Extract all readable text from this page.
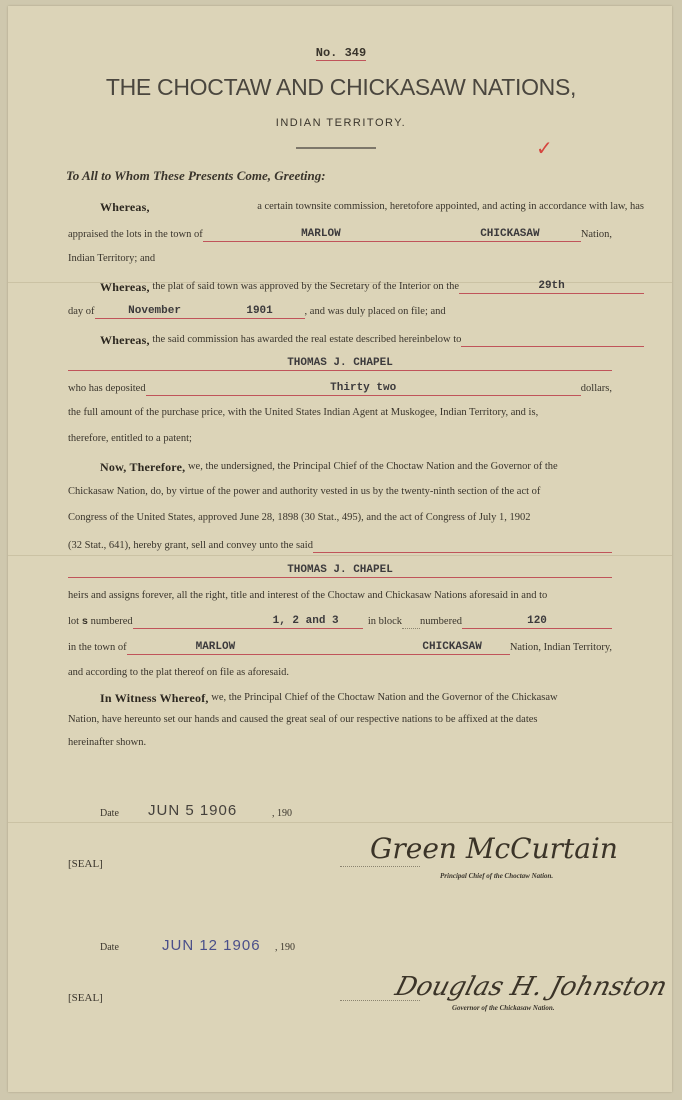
No. 349
THE CHOCTAW AND CHICKASAW NATIONS,
INDIAN TERRITORY.
✓
To All to Whom These Presents Come, Greeting:
Whereas,
	a certain townsite commission, heretofore appointed, and acting in accordance with law, has
appraised the lots in the town of	MARLOW	CHICKASAW	Nation,
Indian Territory; and
Whereas,
the plat of said town was approved by the Secretary of the Interior on the	29th
day of	November	1901	, and was duly placed on file; and
Whereas,
the said commission has awarded the real estate described hereinbelow to
THOMAS J. CHAPEL
who has deposited	Thirty two	dollars,
the full amount of the purchase price, with the United States Indian Agent at Muskogee, Indian Territory, and is,
therefore, entitled to a patent;
Now, Therefore,
we, the undersigned, the Principal Chief of the Choctaw Nation and the Governor of the
Chickasaw Nation, do, by virtue of the power and authority vested in us by the twenty-ninth section of the act of
Congress of the United States, approved June 28, 1898 (30 Stat., 495), and the act of Congress of July 1, 1902
(32 Stat., 641), hereby grant, sell and convey unto the said
THOMAS J. CHAPEL
heirs and assigns forever, all the right, title and interest of the Choctaw and Chickasaw Nations aforesaid in and to
lot
s
numbered	1, 2 and 3
	in block numbered	120
in the town of	MARLOW	CHICKASAW	Nation, Indian Territory,
and according to the plat thereof on file as aforesaid.
In Witness Whereof,
we, the Principal Chief of the Choctaw Nation and the Governor of the Chickasaw
Nation, have hereunto set our hands and caused the great seal of our respective nations to be affixed at the dates
hereinafter shown.
Date JUN 5 1906	, 190
[SEAL]	Green McCurtain
Principal Chief of the Choctaw Nation.
Date	JUN 12 1906 , 190
[SEAL]	Douglas H. Johnston
Governor of the Chickasaw Nation.
